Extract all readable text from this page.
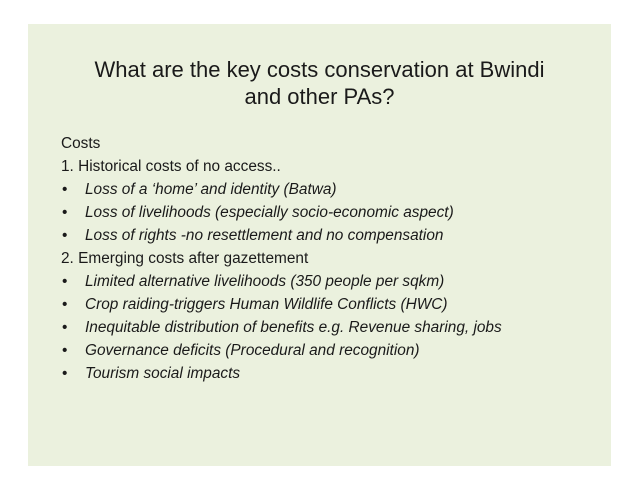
What are the key costs conservation at Bwindi
and other PAs?
Costs
1. Historical costs of no access..
• Loss of a ‘home’ and identity (Batwa)
• Loss of livelihoods (especially socio-economic aspect)
• Loss of rights -no resettlement and no compensation
2. Emerging costs after gazettement
• Limited alternative livelihoods (350 people per sqkm)
• Crop raiding-triggers Human Wildlife Conflicts (HWC)
• Inequitable distribution of benefits e.g. Revenue sharing, jobs
• Governance deficits (Procedural and recognition)
• Tourism social impacts
